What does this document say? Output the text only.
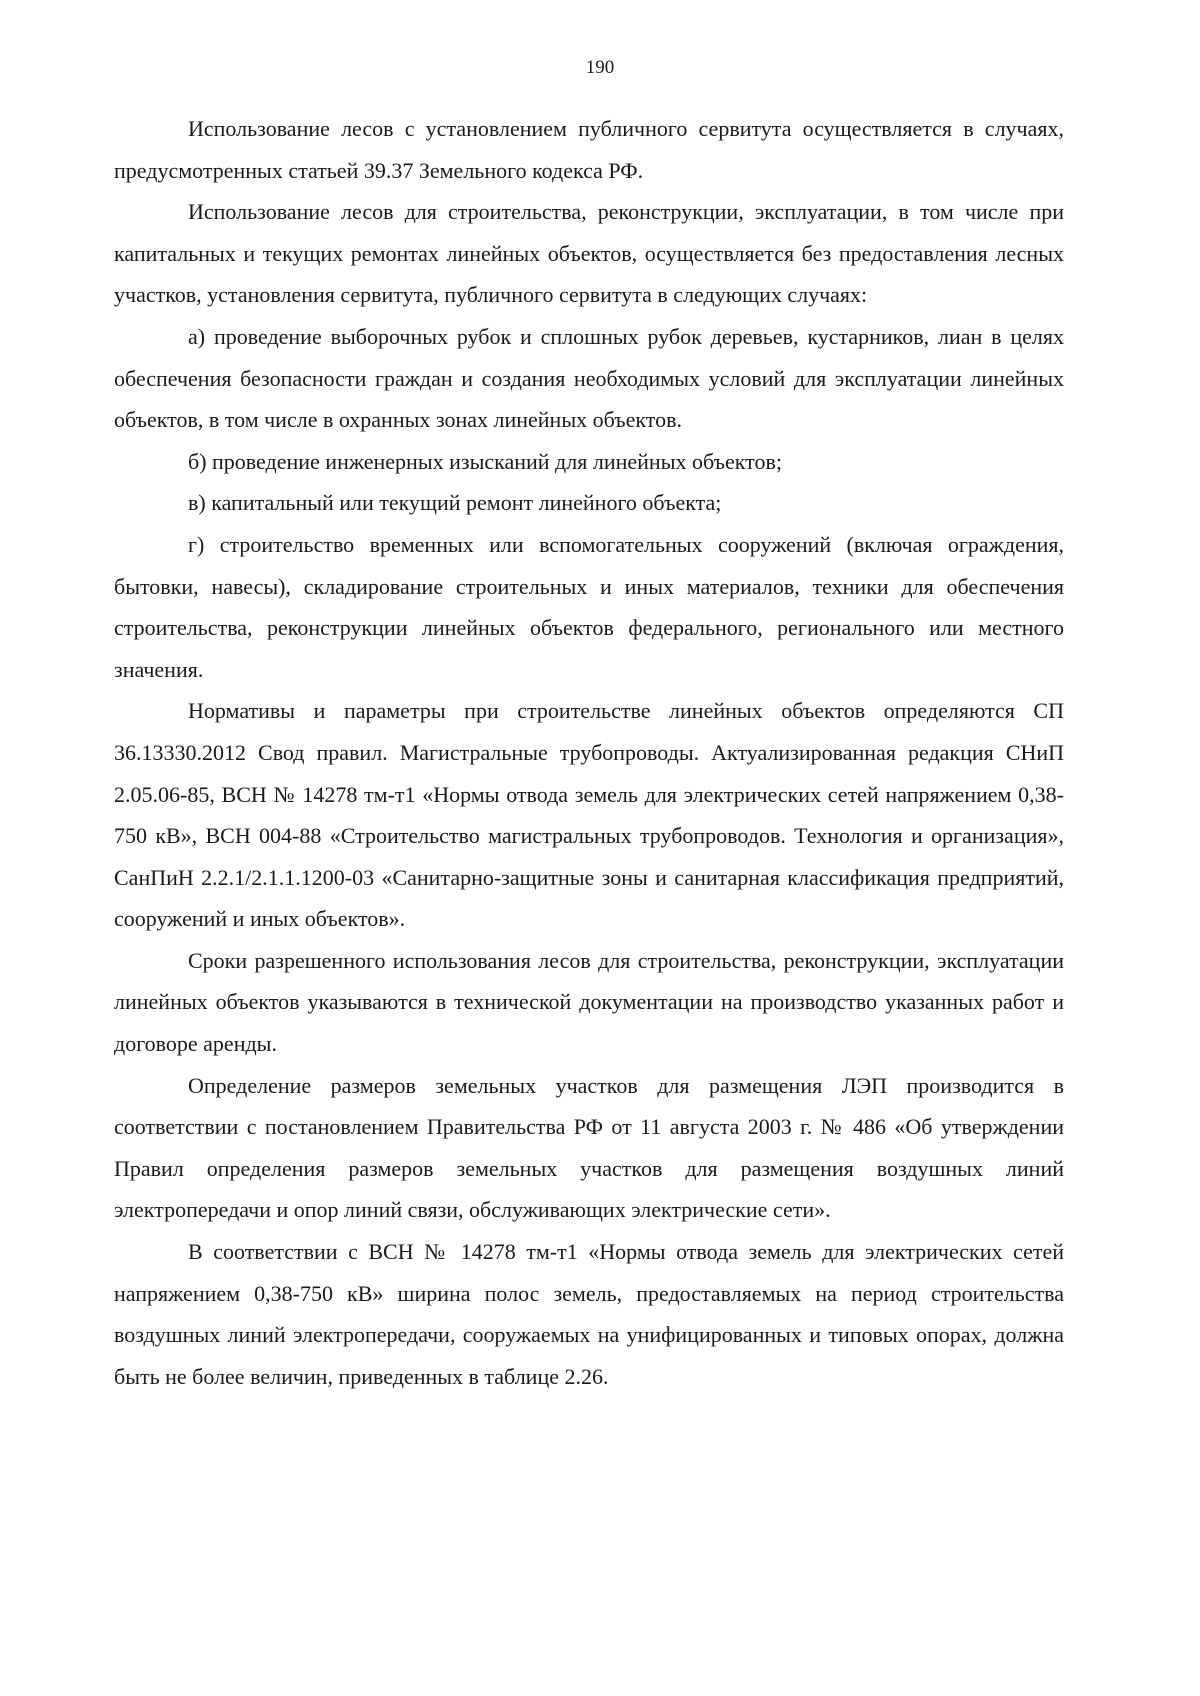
190

Использование лесов с установлением публичного сервитута осуществляется в случаях, предусмотренных статьей 39.37 Земельного кодекса РФ.

Использование лесов для строительства, реконструкции, эксплуатации, в том числе при капитальных и текущих ремонтах линейных объектов, осуществляется без предоставления лесных участков, установления сервитута, публичного сервитута в следующих случаях:

а) проведение выборочных рубок и сплошных рубок деревьев, кустарников, лиан в целях обеспечения безопасности граждан и создания необходимых условий для эксплуатации линейных объектов, в том числе в охранных зонах линейных объектов.

б) проведение инженерных изысканий для линейных объектов;

в) капитальный или текущий ремонт линейного объекта;

г) строительство временных или вспомогательных сооружений (включая ограждения, бытовки, навесы), складирование строительных и иных материалов, техники для обеспечения строительства, реконструкции линейных объектов федерального, регионального или местного значения.

Нормативы и параметры при строительстве линейных объектов определяются СП 36.13330.2012 Свод правил. Магистральные трубопроводы. Актуализированная редакция СНиП 2.05.06-85, ВСН № 14278 тм-т1 «Нормы отвода земель для электрических сетей напряжением 0,38-750 кВ», ВСН 004-88 «Строительство магистральных трубопроводов. Технология и организация», СанПиН 2.2.1/2.1.1.1200-03 «Санитарно-защитные зоны и санитарная классификация предприятий, сооружений и иных объектов».

Сроки разрешенного использования лесов для строительства, реконструкции, эксплуатации линейных объектов указываются в технической документации на производство указанных работ и договоре аренды.

Определение размеров земельных участков для размещения ЛЭП производится в соответствии с постановлением Правительства РФ от 11 августа 2003 г. № 486 «Об утверждении Правил определения размеров земельных участков для размещения воздушных линий электропередачи и опор линий связи, обслуживающих электрические сети».

В соответствии с ВСН № 14278 тм-т1 «Нормы отвода земель для электрических сетей напряжением 0,38-750 кВ» ширина полос земель, предоставляемых на период строительства воздушных линий электропередачи, сооружаемых на унифицированных и типовых опорах, должна быть не более величин, приведенных в таблице 2.26.
